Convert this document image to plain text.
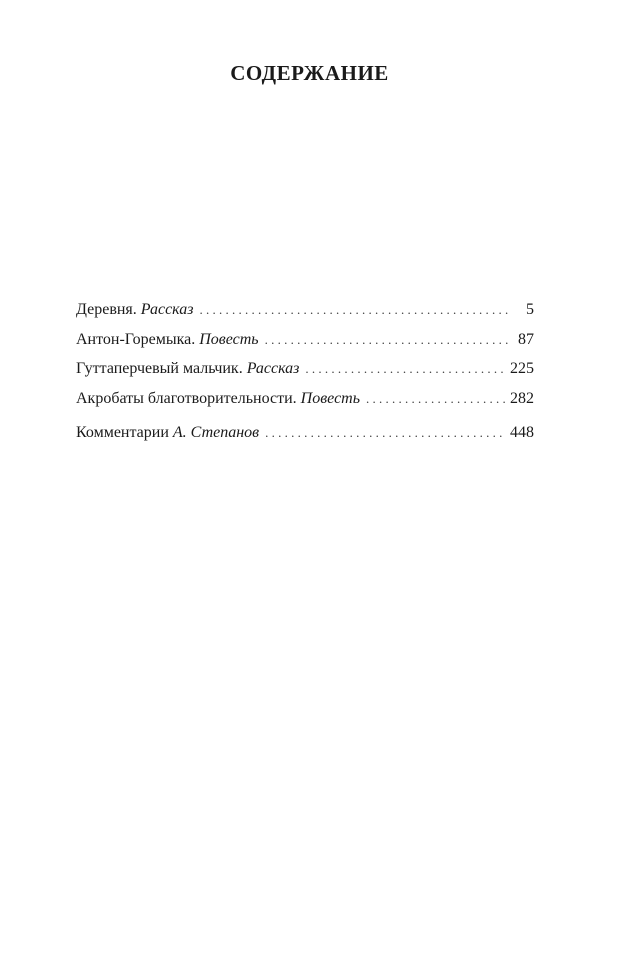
СОДЕРЖАНИЕ
Деревня. Рассказ . . .	5
Антон-Горемыка. Повесть . . .	87
Гуттаперчевый мальчик. Рассказ . . .	225
Акробаты благотворительности. Повесть . . .	282
Комментарии А. Степанов . . .	448
